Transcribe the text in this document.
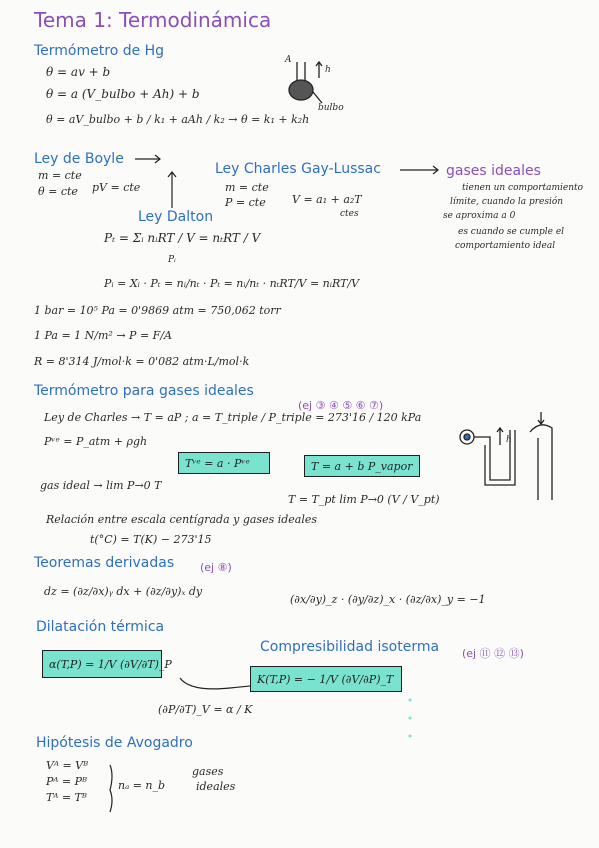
Tema 1: Termodinámica
Termómetro de Hg
θ = av + b
θ = a (V_bulbo + Ah) + b
θ = aV_bulbo + b / k₁ + aAh / k₂ → θ = k₁ + k₂h
h
A
bulbo
Ley de Boyle
m = cte
θ = cte pV = cte
Ley Charles Gay-Lussac
m = cte
P = cte V = a₁ + a₂T
ctes
gases ideales
tienen un comportamiento
límite, cuando la presión
se aproxima a 0
es cuando se cumple el
comportamiento ideal
Ley Dalton
Pₜ = Σᵢ nᵢRT / V = nₜRT / V
Pᵢ
Pᵢ = Xᵢ · Pₜ = nᵢ/nₜ · Pₜ = nᵢ/nₜ · nₜRT/V = nᵢRT/V
1 bar = 10⁵ Pa = 0'9869 atm = 750,062 torr
1 Pa = 1 N/m² → P = F/A
R = 8'314 J/mol·k = 0'082 atm·L/mol·k
Termómetro para gases ideales
(ej ③ ④ ⑤ ⑥ ⑦)
Ley de Charles → T = aP ; a = T_triple / P_triple = 273'16 / 120 kPa
Pᵛᵉ = P_atm + ρgh
Tᵛᵉ = a · Pᵛᵉ	T = a + b P_vapor
gas ideal → lim P→0 T
T = T_pt lim P→0 (V / V_pt)
Relación entre escala centígrada y gases ideales
t(°C) = T(K) − 273'15
h
Teoremas derivadas (ej ⑧)
dz = (∂z/∂x)ᵧ dx + (∂z/∂y)ₓ dy
(∂x/∂y)_z · (∂y/∂z)_x · (∂z/∂x)_y = −1
Dilatación térmica
α(T,P) = 1/V (∂V/∂T)_P
Compresibilidad isoterma (ej ⑪ ⑫ ⑬)
K(T,P) = − 1/V (∂V/∂P)_T
(∂P/∂T)_V = α / K
Hipótesis de Avogadro
Vᴬ = Vᴮ
Pᴬ = Pᴮ
Tᴬ = Tᴮ
nₐ = n_b
gases
ideales
